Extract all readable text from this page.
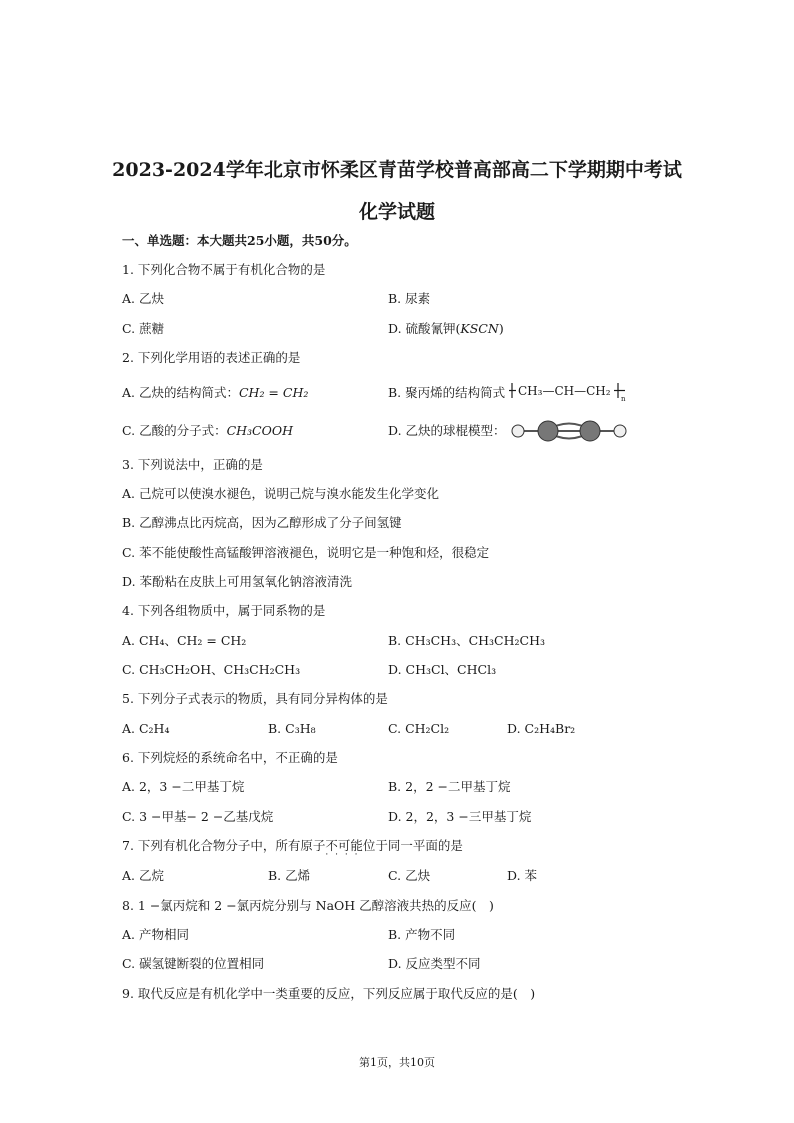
2023-2024学年北京市怀柔区青苗学校普高部高二下学期期中考试
化学试题
一、单选题：本大题共25小题，共50分。
1. 下列化合物不属于有机化合物的是
A. 乙炔	B. 尿素
C. 蔗糖	D. 硫酸氰钾(KSCN)
2. 下列化学用语的表述正确的是
A. 乙炔的结构简式：CH₂ = CH₂	B. 聚丙烯的结构简式 CH₃—CH—CH₂
n
C. 乙酸的分子式：CH₃COOH	D. 乙炔的球棍模型：
3. 下列说法中，正确的是
A. 己烷可以使溴水褪色，说明己烷与溴水能发生化学变化
B. 乙醇沸点比丙烷高，因为乙醇形成了分子间氢键
C. 苯不能使酸性高锰酸钾溶液褪色，说明它是一种饱和烃，很稳定
D. 苯酚粘在皮肤上可用氢氧化钠溶液清洗
4. 下列各组物质中，属于同系物的是
A. CH₄、CH₂ = CH₂	B. CH₃CH₃、CH₃CH₂CH₃
C. CH₃CH₂OH、CH₃CH₂CH₃	D. CH₃Cl、CHCl₃
5. 下列分子式表示的物质，具有同分异构体的是
A. C₂H₄	B. C₃H₈	C. CH₂Cl₂	D. C₂H₄Br₂
6. 下列烷烃的系统命名中，不正确的是
A. 2，3 −二甲基丁烷	B. 2，2 −二甲基丁烷
C. 3 −甲基− 2 −乙基戊烷	D. 2，2，3 −三甲基丁烷
7. 下列有机化合物分子中，所有原子不可能 · · · ·位于同一平面的是
A. 乙烷	B. 乙烯	C. 乙炔	D. 苯
8. 1 −氯丙烷和 2 −氯丙烷分别与 NaOH 乙醇溶液共热的反应(　)
A. 产物相同	B. 产物不同
C. 碳氢键断裂的位置相同	D. 反应类型不同
9. 取代反应是有机化学中一类重要的反应，下列反应属于取代反应的是(　)
第1页，共10页
